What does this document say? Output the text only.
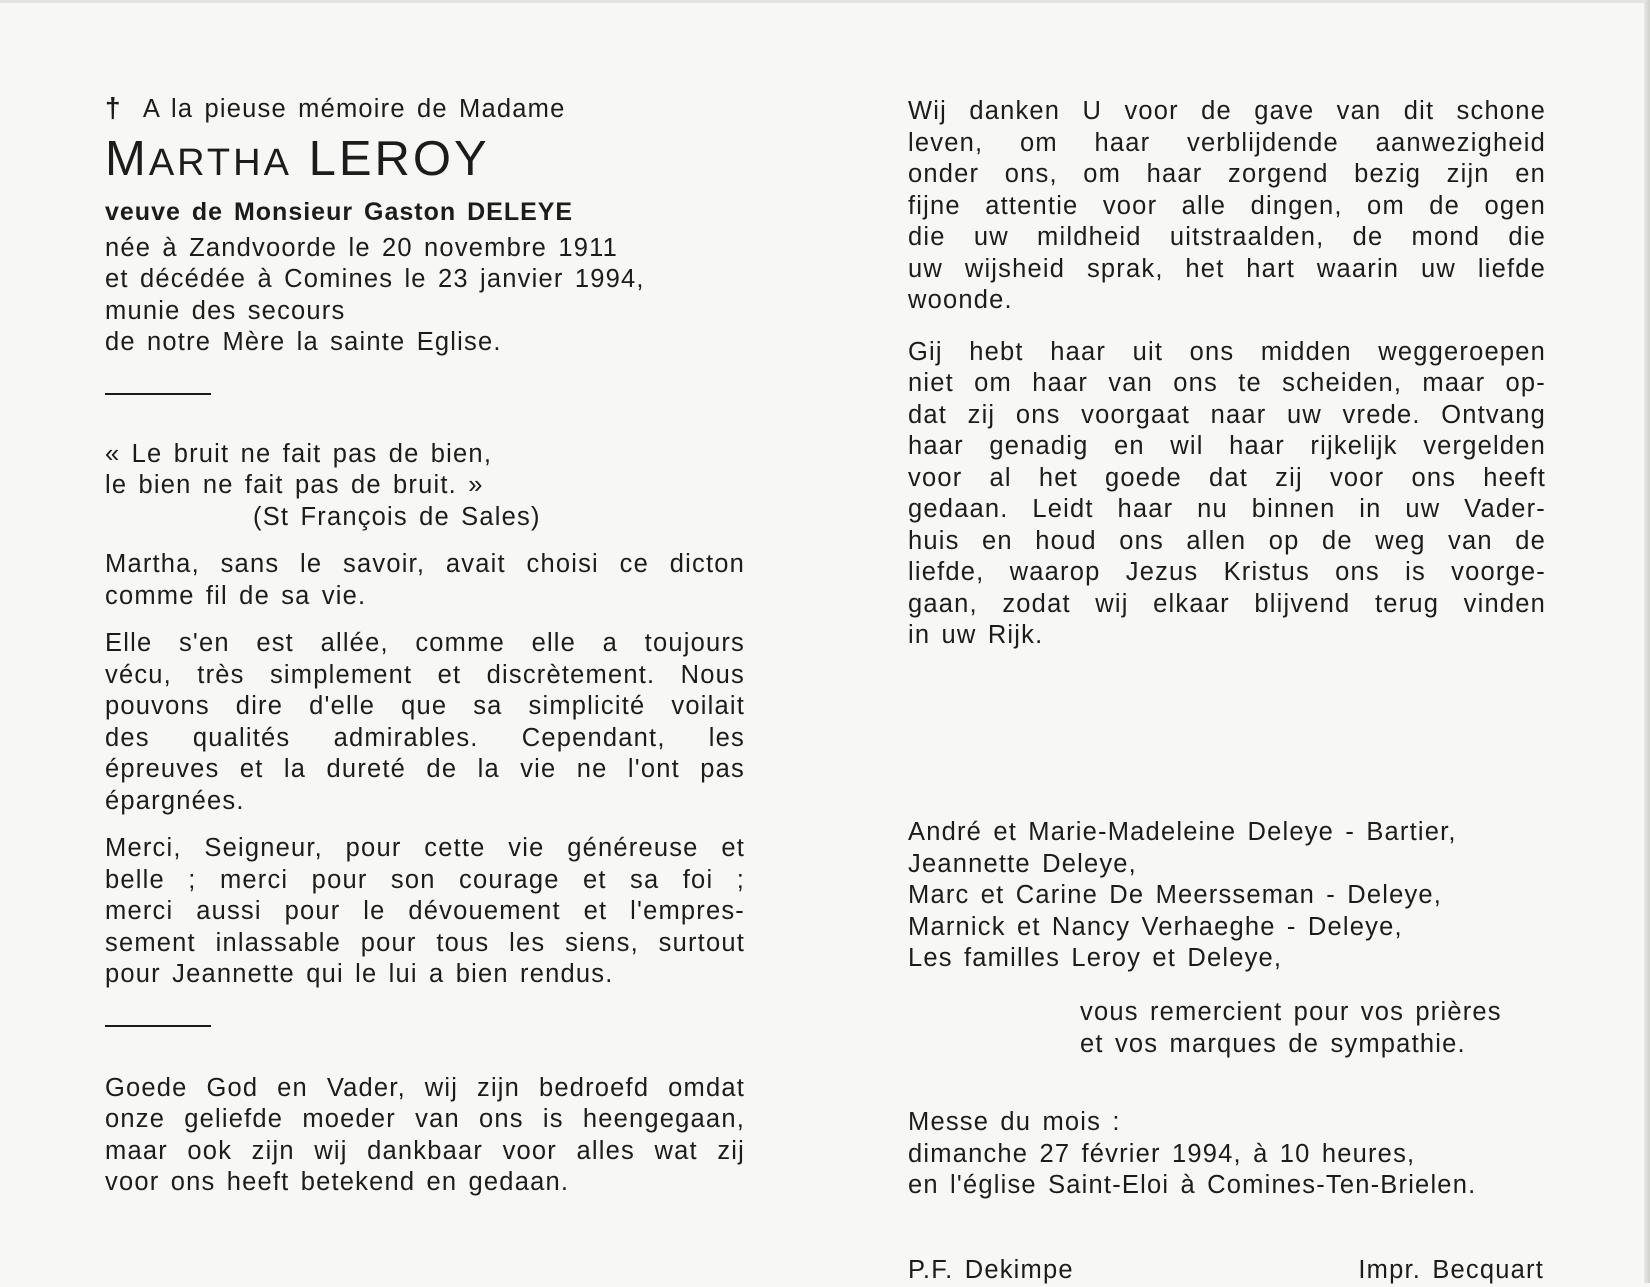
† A la pieuse mémoire de Madame
MARTHA LEROY
veuve de Monsieur Gaston DELEYE
née à Zandvoorde le 20 novembre 1911
et décédée à Comines le 23 janvier 1994,
munie des secours
de notre Mère la sainte Eglise.
« Le bruit ne fait pas de bien,
le bien ne fait pas de bruit. »
(St François de Sales)
Martha, sans le savoir, avait choisi ce dicton
comme fil de sa vie.
Elle s'en est allée, comme elle a toujours
vécu, très simplement et discrètement. Nous
pouvons dire d'elle que sa simplicité voilait
des qualités admirables. Cependant, les
épreuves et la dureté de la vie ne l'ont pas
épargnées.
Merci, Seigneur, pour cette vie généreuse et
belle ; merci pour son courage et sa foi ;
merci aussi pour le dévouement et l'empres-
sement inlassable pour tous les siens, surtout
pour Jeannette qui le lui a bien rendus.
Goede God en Vader, wij zijn bedroefd omdat
onze geliefde moeder van ons is heengegaan,
maar ook zijn wij dankbaar voor alles wat zij
voor ons heeft betekend en gedaan.
Wij danken U voor de gave van dit schone
leven, om haar verblijdende aanwezigheid
onder ons, om haar zorgend bezig zijn en
fijne attentie voor alle dingen, om de ogen
die uw mildheid uitstraalden, de mond die
uw wijsheid sprak, het hart waarin uw liefde
woonde.
Gij hebt haar uit ons midden weggeroepen
niet om haar van ons te scheiden, maar op-
dat zij ons voorgaat naar uw vrede. Ontvang
haar genadig en wil haar rijkelijk vergelden
voor al het goede dat zij voor ons heeft
gedaan. Leidt haar nu binnen in uw Vader-
huis en houd ons allen op de weg van de
liefde, waarop Jezus Kristus ons is voorge-
gaan, zodat wij elkaar blijvend terug vinden
in uw Rijk.
André et Marie-Madeleine Deleye - Bartier,
Jeannette Deleye,
Marc et Carine De Meersseman - Deleye,
Marnick et Nancy Verhaeghe - Deleye,
Les familles Leroy et Deleye,
vous remercient pour vos prières
et vos marques de sympathie.
Messe du mois :
dimanche 27 février 1994, à 10 heures,
en l'église Saint-Eloi à Comines-Ten-Brielen.
P.F. Dekimpe	Impr. Becquart
